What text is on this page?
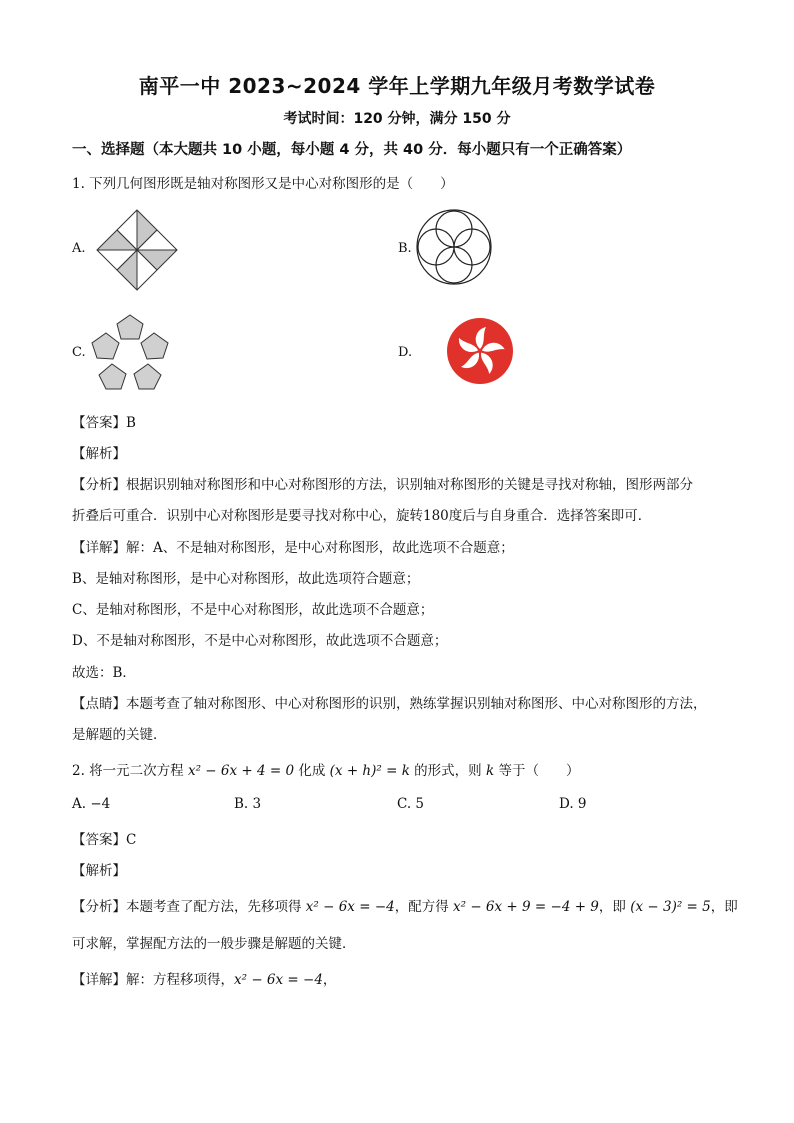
南平一中 2023~2024 学年上学期九年级月考数学试卷
考试时间：120 分钟，满分 150 分
一、选择题（本大题共 10 小题，每小题 4 分，共 40 分．每小题只有一个正确答案）
1. 下列几何图形既是轴对称图形又是中心对称图形的是（　　）
A.	B.
C.	D.
【答案】B
【解析】
【分析】根据识别轴对称图形和中心对称图形的方法，识别轴对称图形的关键是寻找对称轴，图形两部分
折叠后可重合．识别中心对称图形是要寻找对称中心，旋转180度后与自身重合．选择答案即可．
【详解】解：A、不是轴对称图形，是中心对称图形，故此选项不合题意；
B、是轴对称图形，是中心对称图形，故此选项符合题意；
C、是轴对称图形，不是中心对称图形，故此选项不合题意；
D、不是轴对称图形，不是中心对称图形，故此选项不合题意；
故选：B．
【点睛】本题考查了轴对称图形、中心对称图形的识别，熟练掌握识别轴对称图形、中心对称图形的方法，
是解题的关键．
2. 将一元二次方程 x² − 6x + 4 = 0 化成 (x + h)² = k 的形式，则 k 等于（　　）
A. −4	B. 3	C. 5	D. 9
【答案】C
【解析】
【分析】本题考查了配方法，先移项得 x² − 6x = −4，配方得 x² − 6x + 9 = −4 + 9，即 (x − 3)² = 5，即
可求解，掌握配方法的一般步骤是解题的关键．
【详解】解：方程移项得，x² − 6x = −4，
